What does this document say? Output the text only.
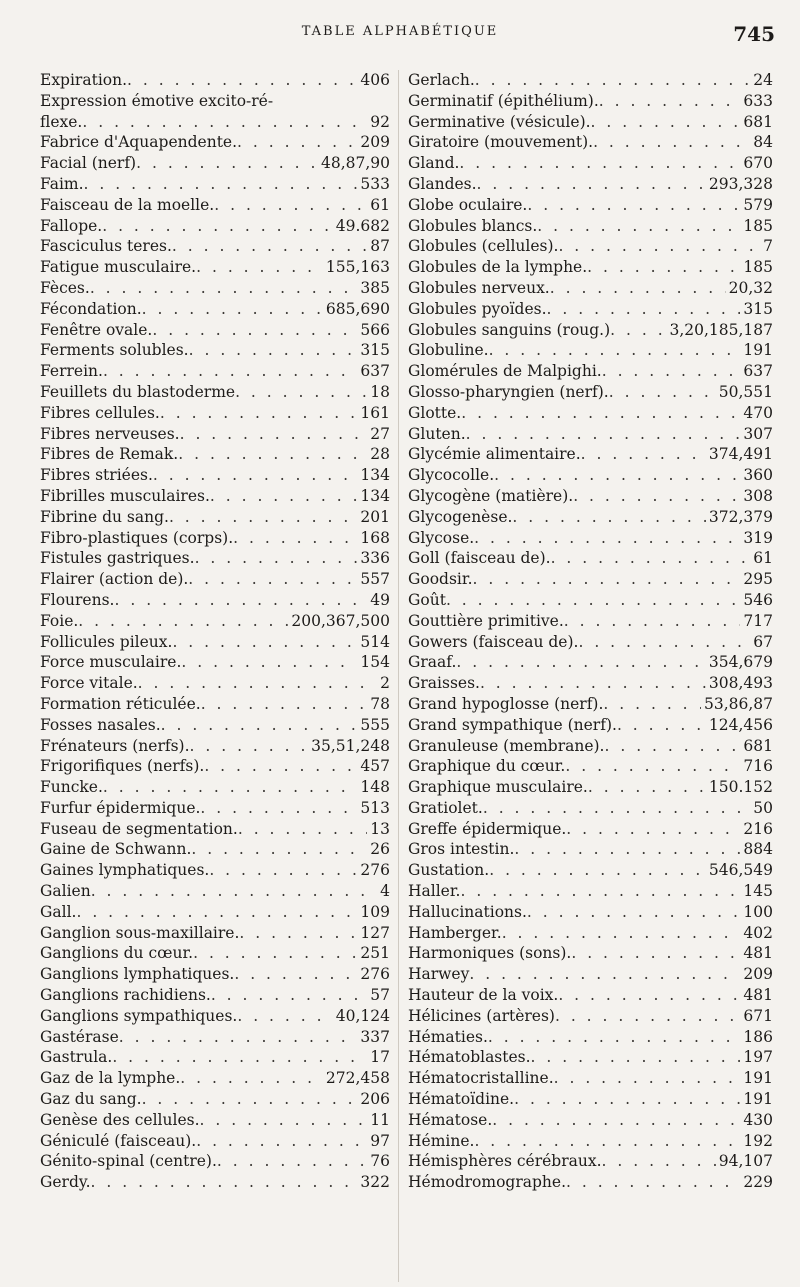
TABLE ALPHABÉTIQUE	745
Expiration. . . .	406
Expression émotive excito-ré-
flexe. . . .	92
Fabrice d'Aquapendente. . . .	209
Facial (nerf) . . .	48,87,90
Faim. . . .	533
Faisceau de la moelle. . . .	61
Fallope. . . .	49.682
Fasciculus teres. . . .	87
Fatigue musculaire. . . .	155,163
Fèces. . . .	385
Fécondation. . . .	685,690
Fenêtre ovale. . . .	566
Ferments solubles. . . .	315
Ferrein. . . .	637
Feuillets du blastoderme . . .	18
Fibres cellules. . . .	161
Fibres nerveuses. . . .	27
Fibres de Remak. . . .	28
Fibres striées. . . .	134
Fibrilles musculaires. . . .	134
Fibrine du sang. . . .	201
Fibro-plastiques (corps). . . .	168
Fistules gastriques. . . .	336
Flairer (action de). . . .	557
Flourens. . . .	49
Foie. . . .	200,367,500
Follicules pileux. . . .	514
Force musculaire. . . .	154
Force vitale. . . .	2
Formation réticulée. . . .	78
Fosses nasales. . . .	555
Frénateurs (nerfs). . . .	35,51,248
Frigorifiques (nerfs). . . .	457
Funcke. . . .	148
Furfur épidermique. . . .	513
Fuseau de segmentation. . . .	13
Gaine de Schwann. . . .	26
Gaines lymphatiques. . . .	276
Galien . . .	4
Gall. . . .	109
Ganglion sous-maxillaire. . . .	127
Ganglions du cœur. . . .	251
Ganglions lymphatiques. . . .	276
Ganglions rachidiens. . . .	57
Ganglions sympathiques. . . .	40,124
Gastérase . . .	337
Gastrula. . . .	17
Gaz de la lymphe. . . .	272,458
Gaz du sang. . . .	206
Genèse des cellules. . . .	11
Géniculé (faisceau). . . .	97
Génito-spinal (centre). . . .	76
Gerdy. . . .	322
Gerlach. . . .	24
Germinatif (épithélium). . . .	633
Germinative (vésicule). . . .	681
Giratoire (mouvement). . . .	84
Gland. . . .	670
Glandes. . . .	293,328
Globe oculaire. . . .	579
Globules blancs. . . .	185
Globules (cellules). . . .	7
Globules de la lymphe. . . .	185
Globules nerveux. . . .	20,32
Globules pyoïdes. . . .	315
Globules sanguins (roug.) . . .	3,20,185,187
Globuline. . . .	191
Glomérules de Malpighi. . . .	637
Glosso-pharyngien (nerf). . . .	50,551
Glotte. . . .	470
Gluten. . . .	307
Glycémie alimentaire. . . .	374,491
Glycocolle. . . .	360
Glycogène (matière). . . .	308
Glycogenèse. . . .	372,379
Glycose. . . .	319
Goll (faisceau de). . . .	61
Goodsir. . . .	295
Goût . . .	546
Gouttière primitive. . . .	717
Gowers (faisceau de). . . .	67
Graaf. . . .	354,679
Graisses. . . .	308,493
Grand hypoglosse (nerf). . . .	53,86,87
Grand sympathique (nerf). . . .	124,456
Granuleuse (membrane). . . .	681
Graphique du cœur. . . .	716
Graphique musculaire. . . .	150.152
Gratiolet. . . .	50
Greffe épidermique. . . .	216
Gros intestin. . . .	884
Gustation. . . .	546,549
Haller. . . .	145
Hallucinations. . . .	100
Hamberger. . . .	402
Harmoniques (sons). . . .	481
Harwey . . .	209
Hauteur de la voix. . . .	481
Hélicines (artères) . . .	671
Hématies. . . .	186
Hématoblastes. . . .	197
Hématocristalline. . . .	191
Hématoïdine. . . .	191
Hématose. . . .	430
Hémine. . . .	192
Hémisphères cérébraux. . . .	94,107
Hémodromographe. . . .	229
